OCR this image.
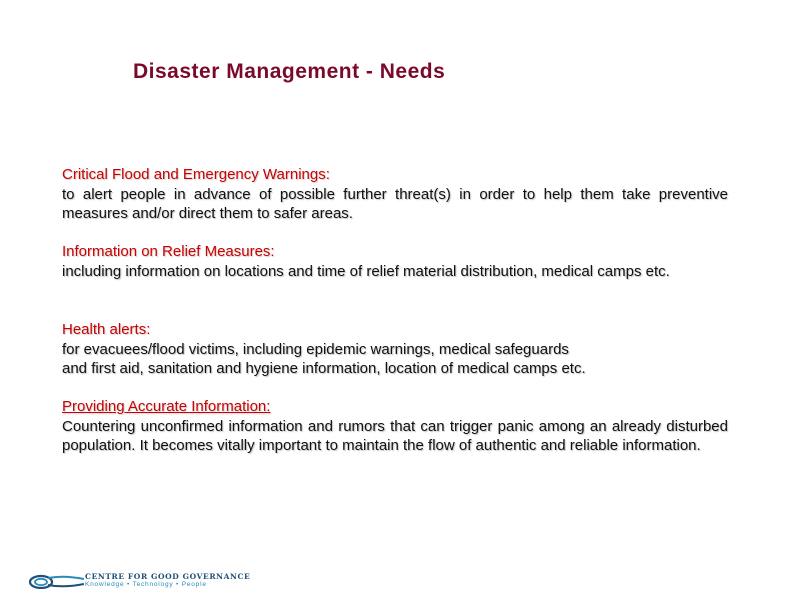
Disaster Management - Needs
Critical Flood and Emergency Warnings:
to alert people in advance of possible further threat(s) in order to help them take preventive measures and/or direct them to safer areas.
Information on Relief Measures:
including information on locations and time of relief material distribution, medical camps etc.
Health alerts:
for evacuees/flood victims, including epidemic warnings, medical safeguards
and first aid, sanitation and hygiene information, location of medical camps etc.
Providing Accurate Information:
Countering unconfirmed information and rumors that can trigger panic among an already disturbed population. It becomes vitally important to maintain the flow of authentic and reliable information.
CENTRE FOR GOOD GOVERNANCE
Knowledge • Technology • People
